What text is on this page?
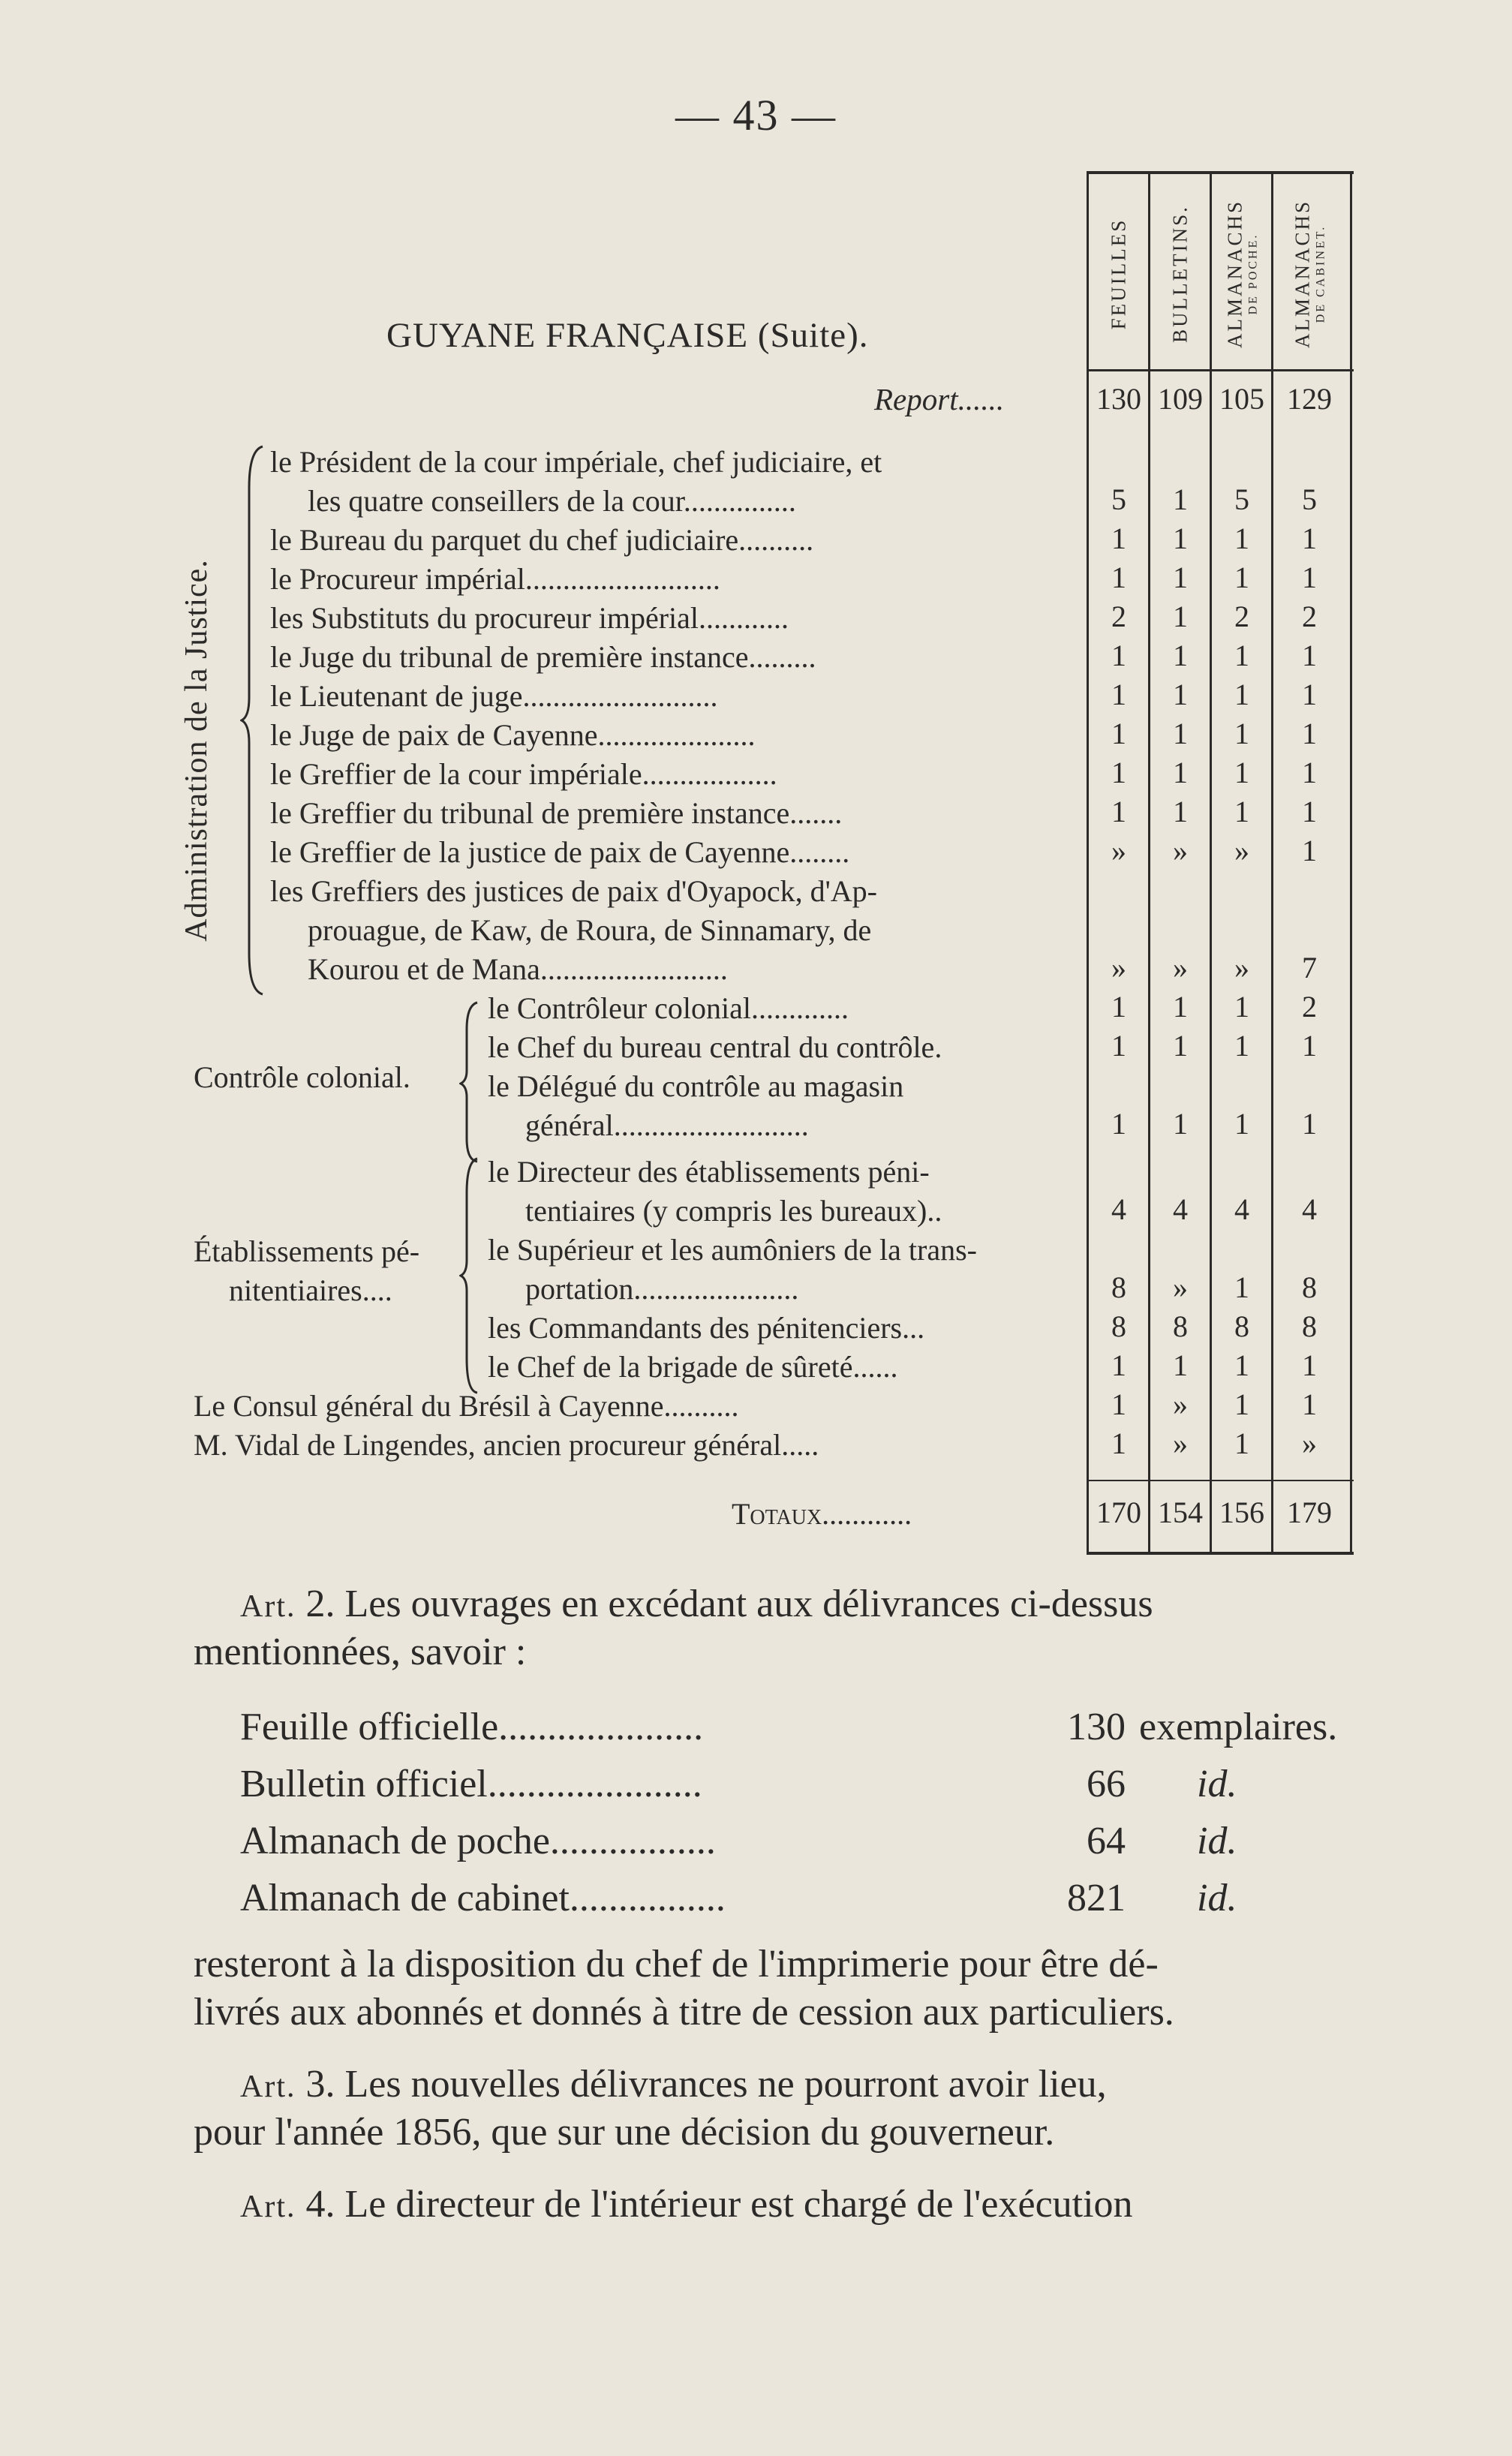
— 43 —
FEUILLES BULLETINS. ALMANACHS DE POCHE. ALMANACHS DE CABINET.
GUYANE FRANÇAISE (Suite).
Report......	130 109 105 129
Administration de la Justice.
le Président de la cour impériale, chef judiciaire, et
les quatre conseillers de la cour...............	5	1	5	5
le Bureau du parquet du chef judiciaire..........	1	1	1	1
le Procureur impérial..........................	1	1	1	1
les Substituts du procureur impérial............	2	1	2	2
le Juge du tribunal de première instance.........	1	1	1	1
le Lieutenant de juge..........................	1	1	1	1
le Juge de paix de Cayenne.....................	1	1	1	1
le Greffier de la cour impériale..................	1	1	1	1
le Greffier du tribunal de première instance.......	1	1	1	1
le Greffier de la justice de paix de Cayenne........	»	»	»	1
les Greffiers des justices de paix d'Oyapock, d'Ap-
prouague, de Kaw, de Roura, de Sinnamary, de
Kourou et de Mana.........................	»	»	»	7
Contrôle colonial.
Établissements pé-
nitentiaires....
le Contrôleur colonial.............	1	1	1	2
le Chef du bureau central du contrôle.	1	1	1	1
le Délégué du contrôle au magasin
général..........................	1	1	1	1
le Directeur des établissements péni-
tentiaires (y compris les bureaux)..	4	4	4	4
le Supérieur et les aumôniers de la trans-
portation......................	8	»	1	8
les Commandants des pénitenciers...	8	8	8	8
le Chef de la brigade de sûreté......	1	1	1	1
Le Consul général du Brésil à Cayenne..........	1	»	1	1
M. Vidal de Lingendes, ancien procureur général.....	1	»	1	»
Totaux............	170 154 156 179
Art. 2. Les ouvrages en excédant aux délivrances ci-dessus
mentionnées, savoir :
Feuille officielle.....................	130 exemplaires.
Bulletin officiel......................	66 id.
Almanach de poche.................	64 id.
Almanach de cabinet................	821 id.
resteront à la disposition du chef de l'imprimerie pour être dé-
livrés aux abonnés et donnés à titre de cession aux particuliers.
Art. 3. Les nouvelles délivrances ne pourront avoir lieu,
pour l'année 1856, que sur une décision du gouverneur.
Art. 4. Le directeur de l'intérieur est chargé de l'exécution
